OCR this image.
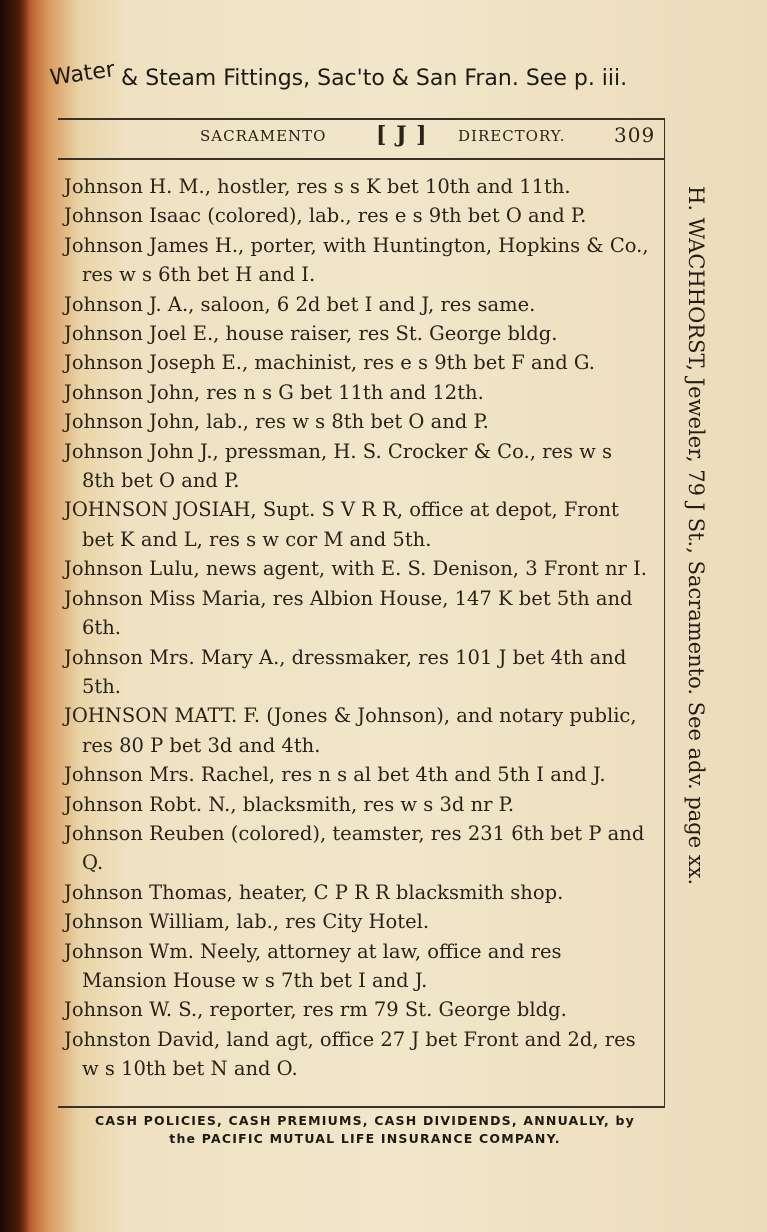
Water & Steam Fittings, Sac'to & San Fran. See p. iii.
SACRAMENTO [ J ] DIRECTORY. 309
Johnson H. M., hostler, res s s K bet 10th and 11th.
Johnson Isaac (colored), lab., res e s 9th bet O and P.
Johnson James H., porter, with Huntington, Hopkins & Co., res w s 6th bet H and I.
Johnson J. A., saloon, 6 2d bet I and J, res same.
Johnson Joel E., house raiser, res St. George bldg.
Johnson Joseph E., machinist, res e s 9th bet F and G.
Johnson John, res n s G bet 11th and 12th.
Johnson John, lab., res w s 8th bet O and P.
Johnson John J., pressman, H. S. Crocker & Co., res w s 8th bet O and P.
JOHNSON JOSIAH, Supt. S V R R, office at depot, Front bet K and L, res s w cor M and 5th.
Johnson Lulu, news agent, with E. S. Denison, 3 Front nr I.
Johnson Miss Maria, res Albion House, 147 K bet 5th and 6th.
Johnson Mrs. Mary A., dressmaker, res 101 J bet 4th and 5th.
JOHNSON MATT. F. (Jones & Johnson), and notary public, res 80 P bet 3d and 4th.
Johnson Mrs. Rachel, res n s al bet 4th and 5th I and J.
Johnson Robt. N., blacksmith, res w s 3d nr P.
Johnson Reuben (colored), teamster, res 231 6th bet P and Q.
Johnson Thomas, heater, C P R R blacksmith shop.
Johnson William, lab., res City Hotel.
Johnson Wm. Neely, attorney at law, office and res Mansion House w s 7th bet I and J.
Johnson W. S., reporter, res rm 79 St. George bldg.
Johnston David, land agt, office 27 J bet Front and 2d, res w s 10th bet N and O.
H. WACHHORST, Jeweler, 79 J St., Sacramento. See adv. page xx.
CASH POLICIES, CASH PREMIUMS, CASH DIVIDENDS, ANNUALLY, by
the PACIFIC MUTUAL LIFE INSURANCE COMPANY.
